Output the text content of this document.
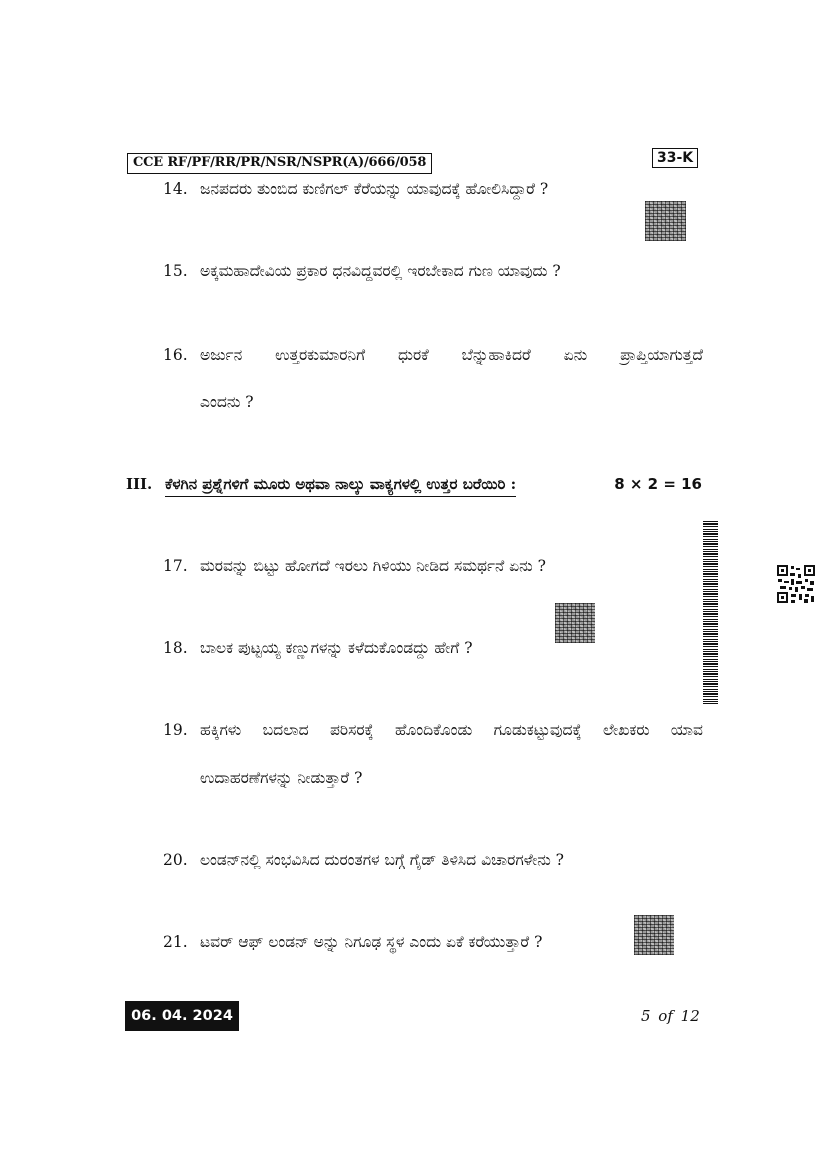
CCE RF/PF/RR/PR/NSR/NSPR(A)/666/058	33-K
14. ಜನಪದರು ತುಂಬಿದ ಕುಣಿಗಲ್ ಕೆರೆಯನ್ನು ಯಾವುದಕ್ಕೆ ಹೋಲಿಸಿದ್ದಾರೆ ?
15. ಅಕ್ಕಮಹಾದೇವಿಯ ಪ್ರಕಾರ ಧನವಿದ್ದವರಲ್ಲಿ ಇರಬೇಕಾದ ಗುಣ ಯಾವುದು ?
16. ಅರ್ಜುನ ಉತ್ತರಕುಮಾರನಿಗೆ ಧುರಕೆ ಬೆನ್ನುಹಾಕಿದರೆ ಏನು ಪ್ರಾಪ್ತಿಯಾಗುತ್ತದೆ
ಎಂದನು ?
III. ಕೆಳಗಿನ ಪ್ರಶ್ನೆಗಳಿಗೆ ಮೂರು ಅಥವಾ ನಾಲ್ಕು ವಾಕ್ಯಗಳಲ್ಲಿ ಉತ್ತರ ಬರೆಯಿರಿ :	8 × 2 = 16
17. ಮರವನ್ನು ಬಿಟ್ಟು ಹೋಗದೆ ಇರಲು ಗಿಳಿಯು ನೀಡಿದ ಸಮರ್ಥನೆ ಏನು ?
18. ಬಾಲಕ ಪುಟ್ಟಯ್ಯ ಕಣ್ಣುಗಳನ್ನು ಕಳೆದುಕೊಂಡದ್ದು ಹೇಗೆ ?
19. ಹಕ್ಕಿಗಳು ಬದಲಾದ ಪರಿಸರಕ್ಕೆ ಹೊಂದಿಕೊಂಡು ಗೂಡುಕಟ್ಟುವುದಕ್ಕೆ ಲೇಖಕರು ಯಾವ
ಉದಾಹರಣೆಗಳನ್ನು ನೀಡುತ್ತಾರೆ ?
20. ಲಂಡನ್‌ನಲ್ಲಿ ಸಂಭವಿಸಿದ ದುರಂತಗಳ ಬಗ್ಗೆ ಗೈಡ್ ತಿಳಿಸಿದ ವಿಚಾರಗಳೇನು ?
21. ಟವರ್ ಆಫ್ ಲಂಡನ್ ಅನ್ನು ನಿಗೂಢ ಸ್ಥಳ ಎಂದು ಏಕೆ ಕರೆಯುತ್ತಾರೆ ?
06. 04. 2024	5 of 12
